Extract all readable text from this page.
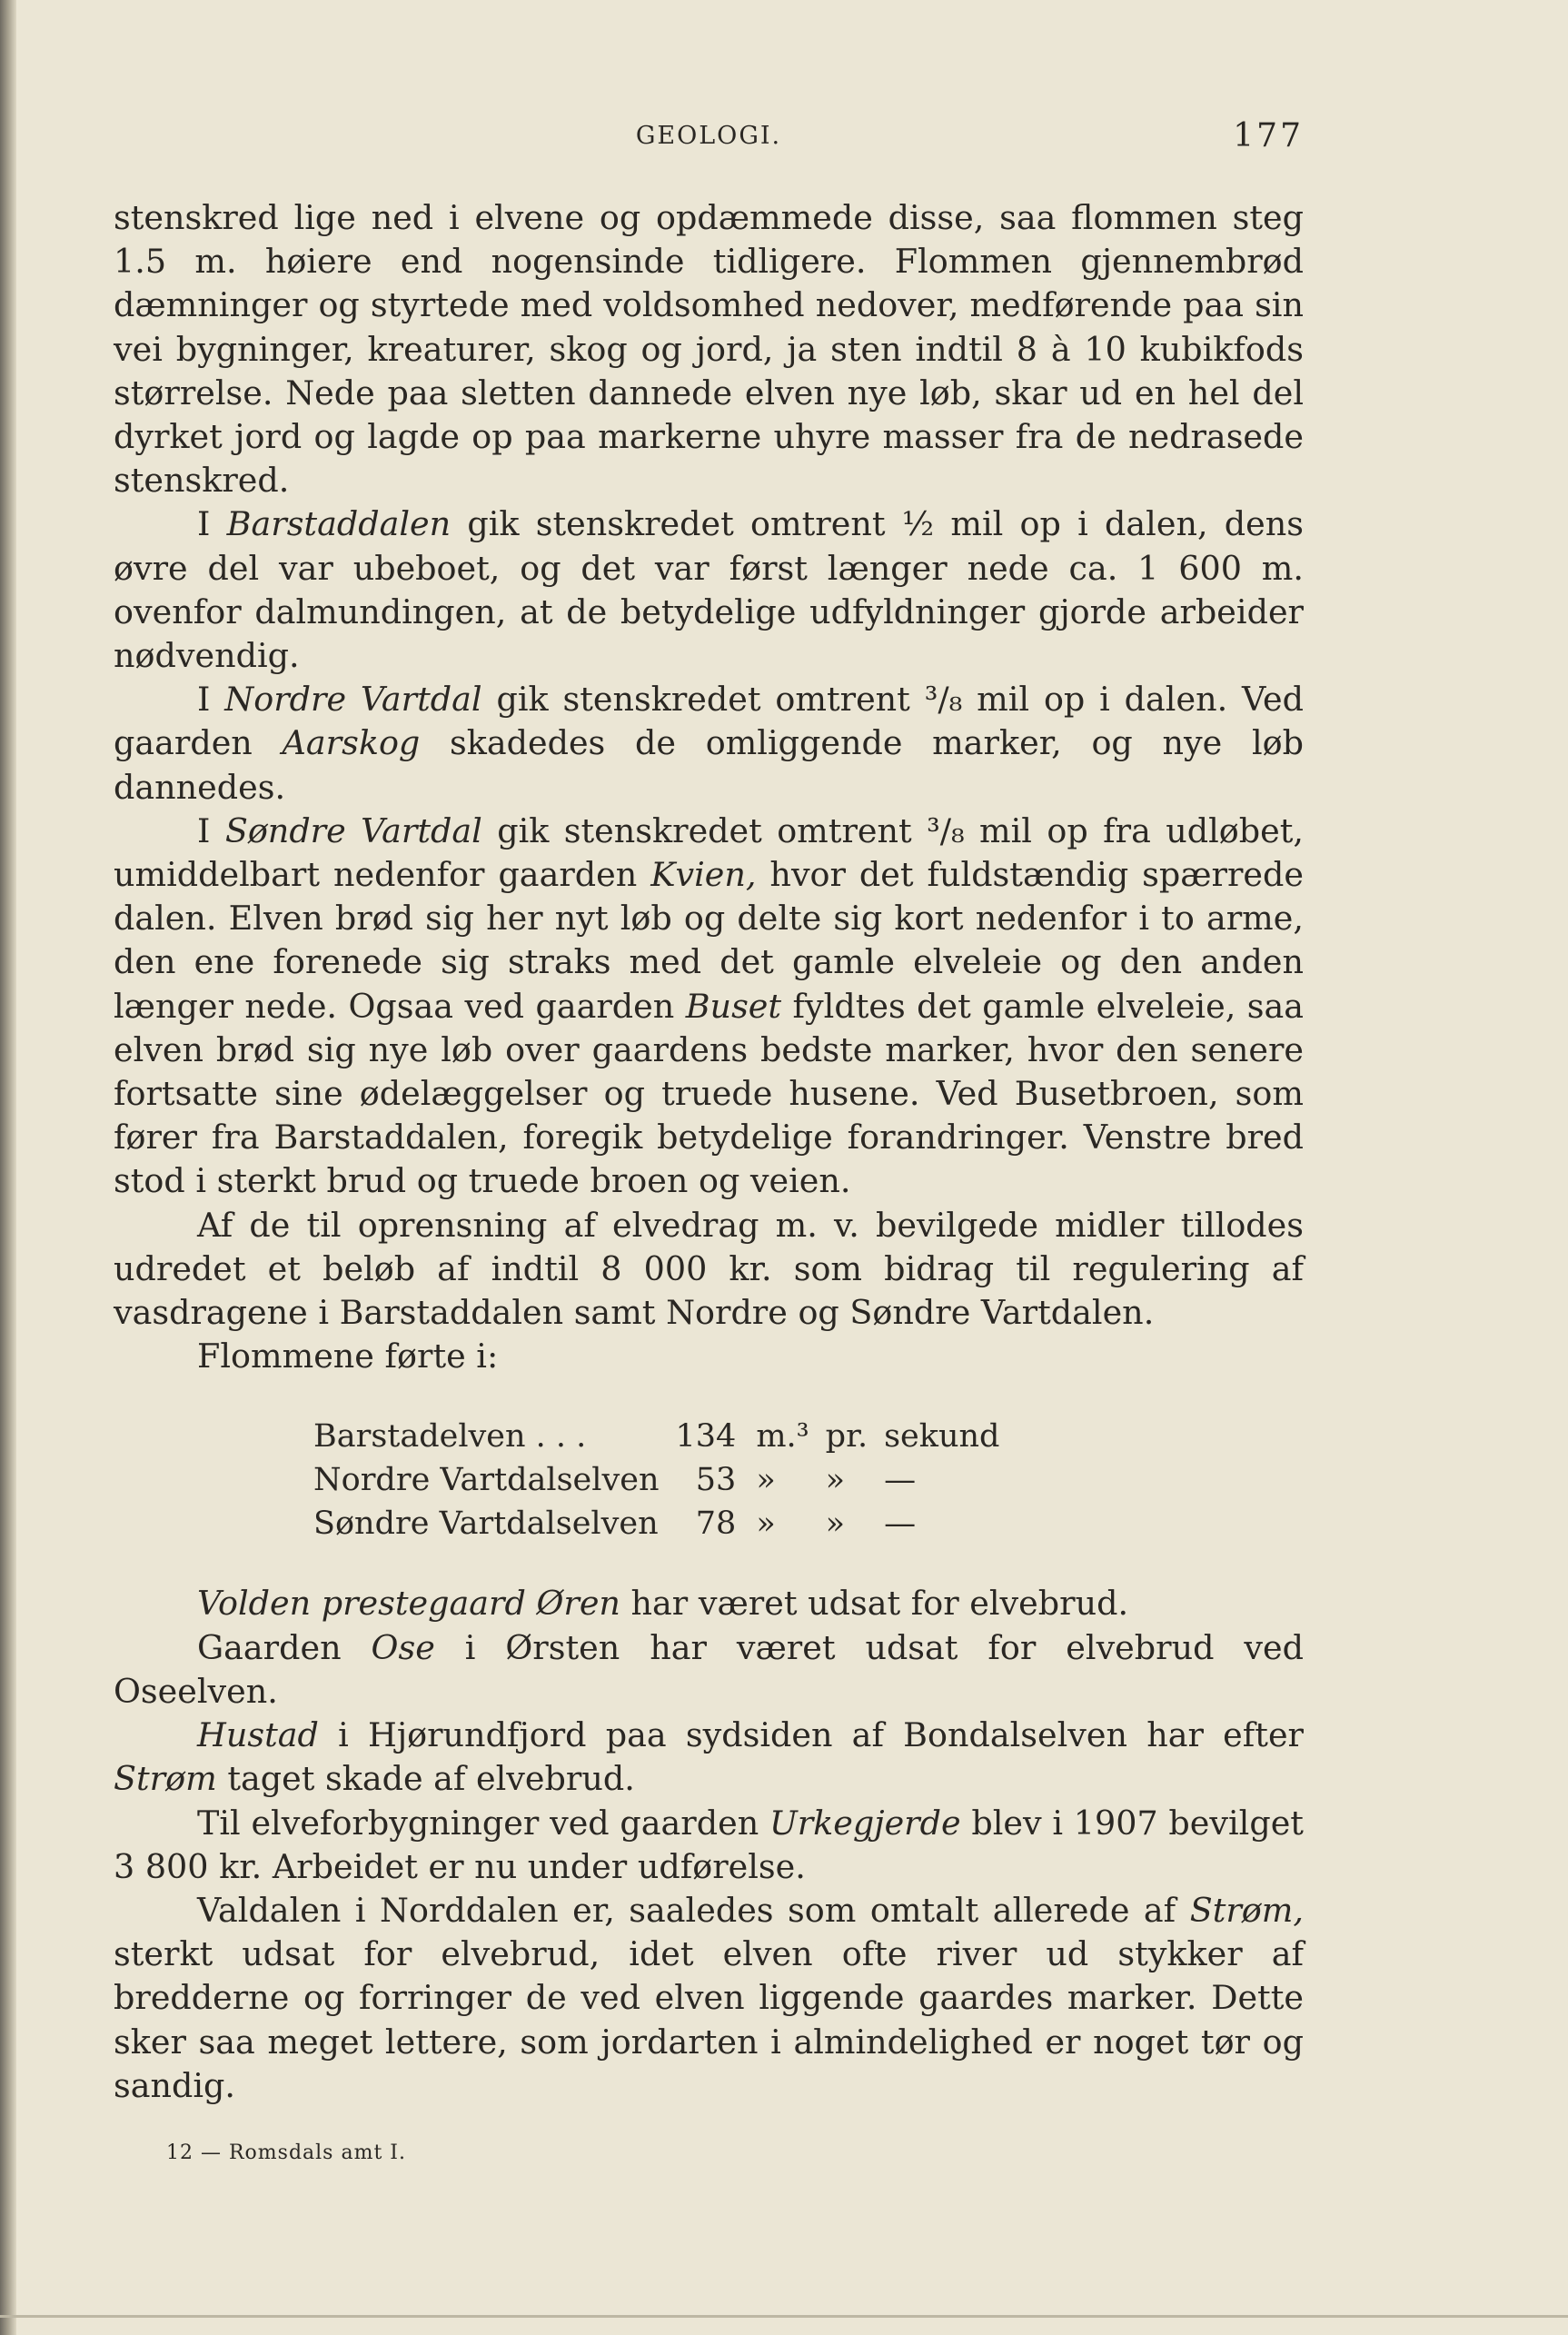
GEOLOGI.	177

stenskred lige ned i elvene og opdæmmede disse, saa flommen steg 1.5 m. høiere end nogensinde tidligere. Flommen gjennembrød dæmninger og styrtede med voldsomhed nedover, medførende paa sin vei bygninger, kreaturer, skog og jord, ja sten indtil 8 à 10 kubikfods størrelse. Nede paa sletten dannede elven nye løb, skar ud en hel del dyrket jord og lagde op paa markerne uhyre masser fra de nedrasede stenskred.

I Barstaddalen gik stenskredet omtrent ½ mil op i dalen, dens øvre del var ubeboet, og det var først længer nede ca. 1 600 m. ovenfor dalmundingen, at de betydelige udfyldninger gjorde arbeider nødvendig.

I Nordre Vartdal gik stenskredet omtrent ³/₈ mil op i dalen. Ved gaarden Aarskog skadedes de omliggende marker, og nye løb dannedes.

I Søndre Vartdal gik stenskredet omtrent ³/₈ mil op fra udløbet, umiddelbart nedenfor gaarden Kvien, hvor det fuldstændig spærrede dalen. Elven brød sig her nyt løb og delte sig kort nedenfor i to arme, den ene forenede sig straks med det gamle elveleie og den anden længer nede. Ogsaa ved gaarden Buset fyldtes det gamle elveleie, saa elven brød sig nye løb over gaardens bedste marker, hvor den senere fortsatte sine ødelæggelser og truede husene. Ved Busetbroen, som fører fra Barstaddalen, foregik betydelige forandringer. Venstre bred stod i sterkt brud og truede broen og veien.

Af de til oprensning af elvedrag m. v. bevilgede midler tillodes udredet et beløb af indtil 8 000 kr. som bidrag til regulering af vasdragene i Barstaddalen samt Nordre og Søndre Vartdalen.

Flommene førte i:

Barstadelven . . .	134	m.³	pr.	sekund
Nordre Vartdalselven	53	»	»	—
Søndre Vartdalselven	78	»	»	—

Volden prestegaard Øren har været udsat for elvebrud.

Gaarden Ose i Ørsten har været udsat for elvebrud ved Oseelven.

Hustad i Hjørundfjord paa sydsiden af Bondalselven har efter Strøm taget skade af elvebrud.

Til elveforbygninger ved gaarden Urkegjerde blev i 1907 bevilget 3 800 kr. Arbeidet er nu under udførelse.

Valdalen i Norddalen er, saaledes som omtalt allerede af Strøm, sterkt udsat for elvebrud, idet elven ofte river ud stykker af bredderne og forringer de ved elven liggende gaardes marker. Dette sker saa meget lettere, som jordarten i almindelighed er noget tør og sandig.

12 — Romsdals amt I.
